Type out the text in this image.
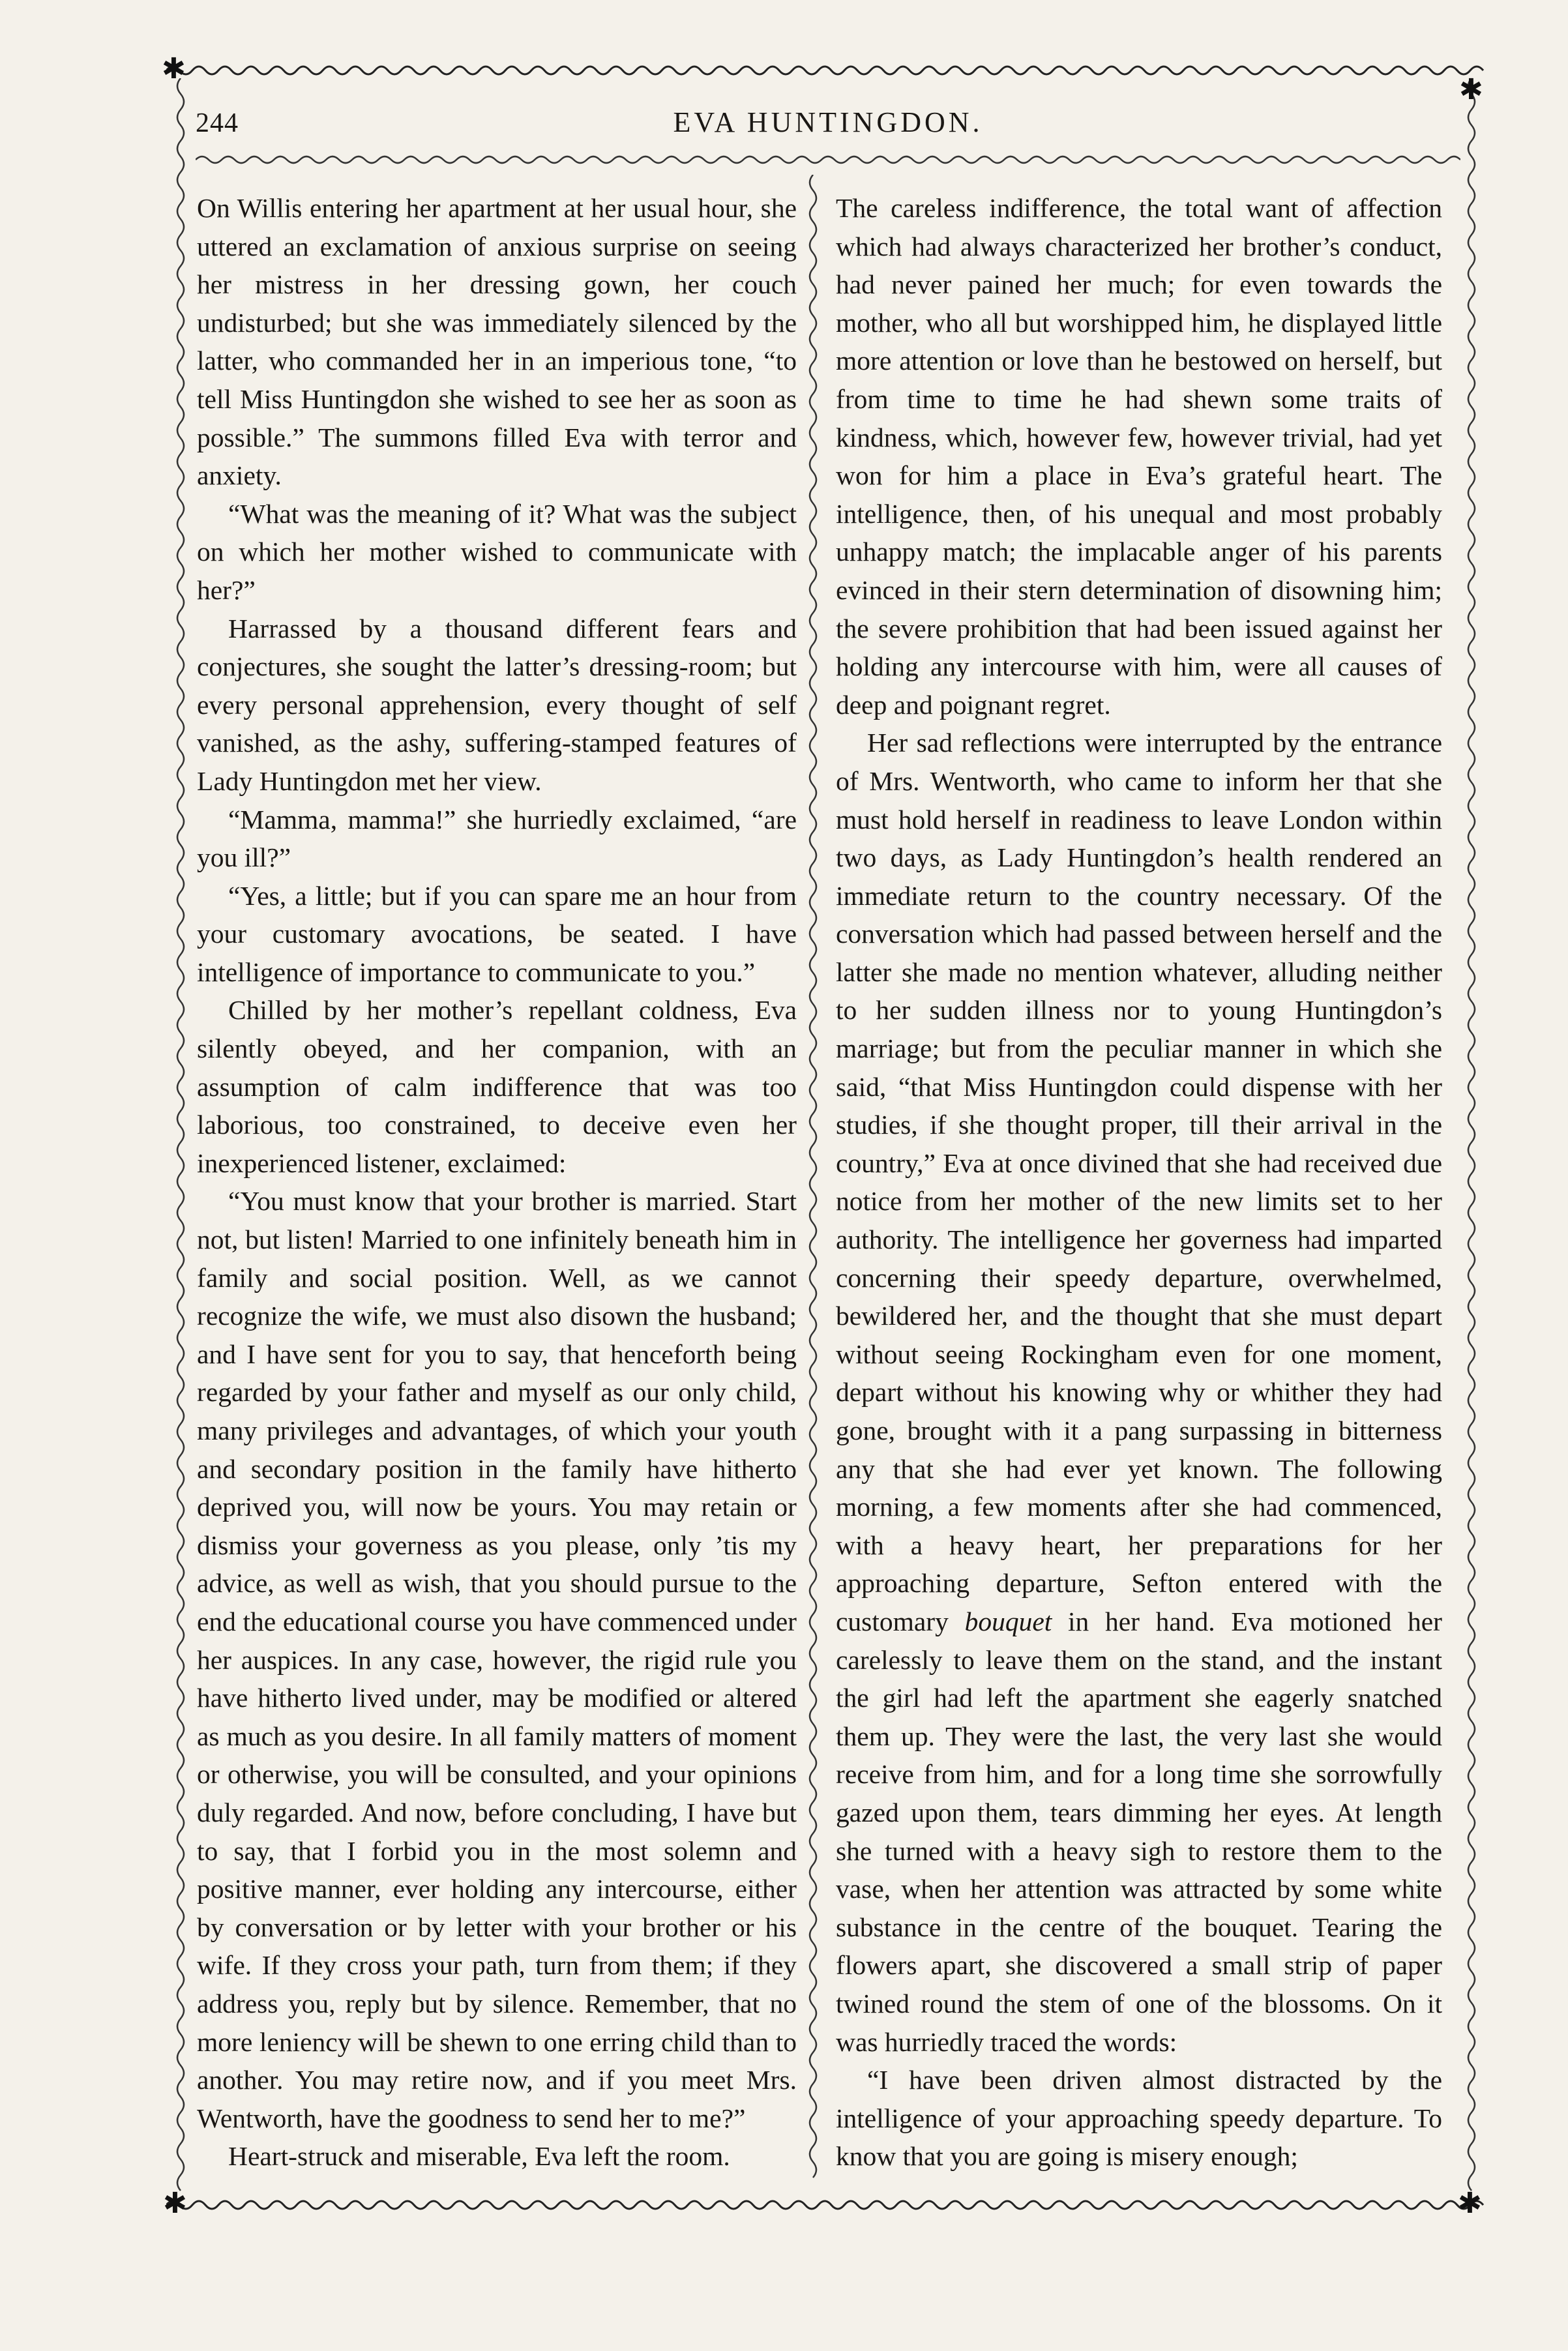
✱
✱
✱	✱
244	EVA HUNTINGDON.

On Willis entering her apartment at her usual hour, she uttered an exclamation of anxious surprise on seeing her mistress in her dressing gown, her couch undisturbed; but she was immediately silenced by the latter, who commanded her in an imperious tone, “to tell Miss Huntingdon she wished to see her as soon as possible.” The summons filled Eva with terror and anxiety.

“What was the meaning of it? What was the subject on which her mother wished to communicate with her?”

Harrassed by a thousand different fears and conjectures, she sought the latter’s dressing-room; but every personal apprehension, every thought of self vanished, as the ashy, suffering-stamped features of Lady Huntingdon met her view.

“Mamma, mamma!” she hurriedly exclaimed, “are you ill?”

“Yes, a little; but if you can spare me an hour from your customary avocations, be seated. I have intelligence of importance to communicate to you.”

Chilled by her mother’s repellant coldness, Eva silently obeyed, and her companion, with an assumption of calm indifference that was too laborious, too constrained, to deceive even her inexperienced listener, exclaimed:

“You must know that your brother is married. Start not, but listen! Married to one infinitely beneath him in family and social position. Well, as we cannot recognize the wife, we must also disown the husband; and I have sent for you to say, that henceforth being regarded by your father and myself as our only child, many privileges and advantages, of which your youth and secondary position in the family have hitherto deprived you, will now be yours. You may retain or dismiss your governess as you please, only ’tis my advice, as well as wish, that you should pursue to the end the educational course you have commenced under her auspices. In any case, however, the rigid rule you have hitherto lived under, may be modified or altered as much as you desire. In all family matters of moment or otherwise, you will be consulted, and your opinions duly regarded. And now, before concluding, I have but to say, that I forbid you in the most solemn and positive manner, ever holding any intercourse, either by conversation or by letter with your brother or his wife. If they cross your path, turn from them; if they address you, reply but by silence. Remember, that no more leniency will be shewn to one erring child than to another. You may retire now, and if you meet Mrs. Wentworth, have the goodness to send her to me?”

Heart-struck and miserable, Eva left the room.

The careless indifference, the total want of affection which had always characterized her brother’s conduct, had never pained her much; for even towards the mother, who all but worshipped him, he displayed little more attention or love than he bestowed on herself, but from time to time he had shewn some traits of kindness, which, however few, however trivial, had yet won for him a place in Eva’s grateful heart. The intelligence, then, of his unequal and most probably unhappy match; the implacable anger of his parents evinced in their stern determination of disowning him; the severe prohibition that had been issued against her holding any intercourse with him, were all causes of deep and poignant regret.

Her sad reflections were interrupted by the entrance of Mrs. Wentworth, who came to inform her that she must hold herself in readiness to leave London within two days, as Lady Huntingdon’s health rendered an immediate return to the country necessary. Of the conversation which had passed between herself and the latter she made no mention whatever, alluding neither to her sudden illness nor to young Huntingdon’s marriage; but from the peculiar manner in which she said, “that Miss Huntingdon could dispense with her studies, if she thought proper, till their arrival in the country,” Eva at once divined that she had received due notice from her mother of the new limits set to her authority. The intelligence her governess had imparted concerning their speedy departure, overwhelmed, bewildered her, and the thought that she must depart without seeing Rockingham even for one moment, depart without his knowing why or whither they had gone, brought with it a pang surpassing in bitterness any that she had ever yet known. The following morning, a few moments after she had commenced, with a heavy heart, her preparations for her approaching departure, Sefton entered with the customary bouquet in her hand. Eva motioned her carelessly to leave them on the stand, and the instant the girl had left the apartment she eagerly snatched them up. They were the last, the very last she would receive from him, and for a long time she sorrowfully gazed upon them, tears dimming her eyes. At length she turned with a heavy sigh to restore them to the vase, when her attention was attracted by some white substance in the centre of the bouquet. Tearing the flowers apart, she discovered a small strip of paper twined round the stem of one of the blossoms. On it was hurriedly traced the words:

“I have been driven almost distracted by the intelligence of your approaching speedy departure. To know that you are going is misery enough;
